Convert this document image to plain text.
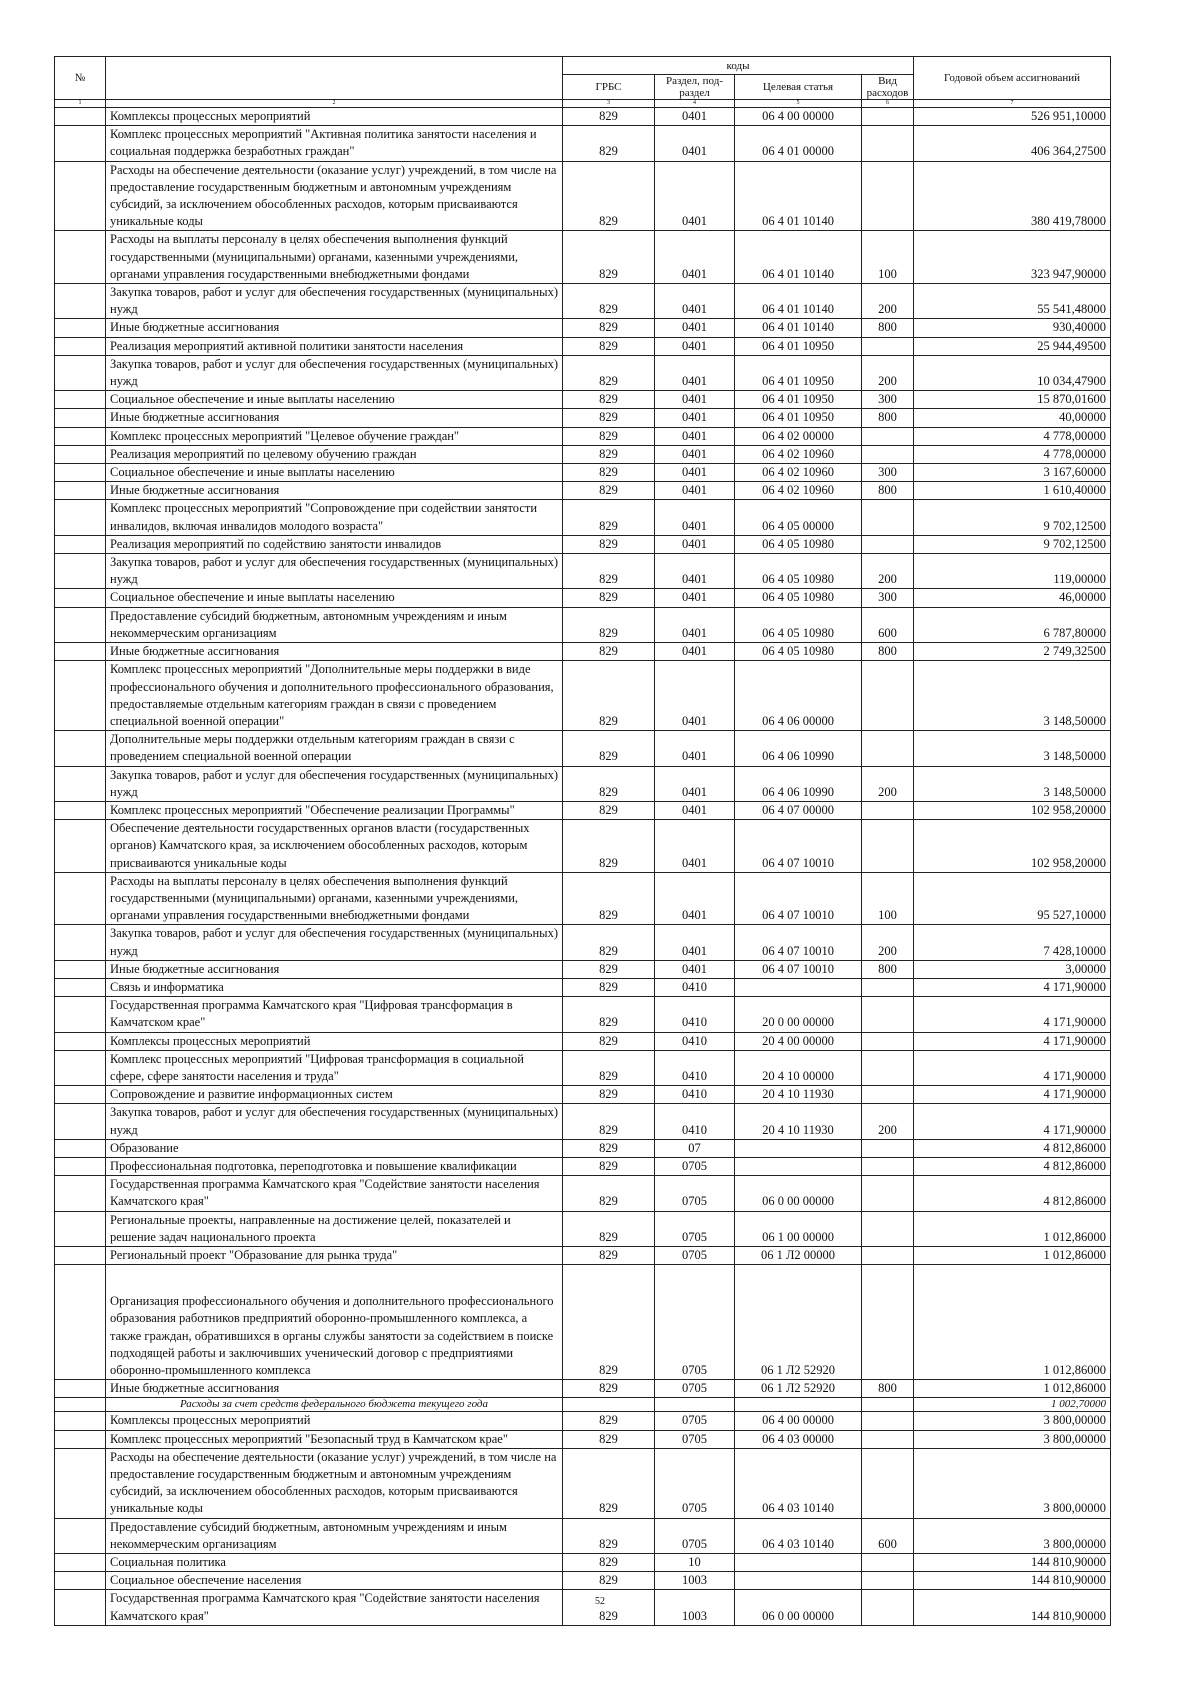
№		коды				Годовой объем ассигнований
		ГРБС	Раздел, под-раздел	Целевая статья	Вид расходов	
1	2	3	4	5	6	7
	Комплексы процессных мероприятий	829	0401	06 4 00 00000		526 951,10000
	Комплекс процессных мероприятий "Активная политика занятости населения и социальная поддержка безработных граждан"	829	0401	06 4 01 00000		406 364,27500
	Расходы на обеспечение деятельности (оказание услуг) учреждений, в том числе на предоставление государственным бюджетным и автономным учреждениям субсидий, за исключением обособленных расходов, которым присваиваются уникальные коды	829	0401	06 4 01 10140		380 419,78000
	Расходы на выплаты персоналу в целях обеспечения выполнения функций государственными (муниципальными) органами, казенными учреждениями, органами управления государственными внебюджетными фондами	829	0401	06 4 01 10140	100	323 947,90000
	Закупка товаров, работ и услуг для обеспечения государственных (муниципальных) нужд	829	0401	06 4 01 10140	200	55 541,48000
	Иные бюджетные ассигнования	829	0401	06 4 01 10140	800	930,40000
	Реализация мероприятий активной политики занятости населения	829	0401	06 4 01 10950		25 944,49500
	Закупка товаров, работ и услуг для обеспечения государственных (муниципальных) нужд	829	0401	06 4 01 10950	200	10 034,47900
	Социальное обеспечение и иные выплаты населению	829	0401	06 4 01 10950	300	15 870,01600
	Иные бюджетные ассигнования	829	0401	06 4 01 10950	800	40,00000
	Комплекс процессных мероприятий "Целевое обучение граждан"	829	0401	06 4 02 00000		4 778,00000
	Реализация мероприятий по целевому обучению граждан	829	0401	06 4 02 10960		4 778,00000
	Социальное обеспечение и иные выплаты населению	829	0401	06 4 02 10960	300	3 167,60000
	Иные бюджетные ассигнования	829	0401	06 4 02 10960	800	1 610,40000
	Комплекс процессных мероприятий "Сопровождение при содействии занятости инвалидов, включая инвалидов молодого возраста"	829	0401	06 4 05 00000		9 702,12500
	Реализация мероприятий по содействию занятости инвалидов	829	0401	06 4 05 10980		9 702,12500
	Закупка товаров, работ и услуг для обеспечения государственных (муниципальных) нужд	829	0401	06 4 05 10980	200	119,00000
	Социальное обеспечение и иные выплаты населению	829	0401	06 4 05 10980	300	46,00000
	Предоставление субсидий бюджетным, автономным учреждениям и иным некоммерческим организациям	829	0401	06 4 05 10980	600	6 787,80000
	Иные бюджетные ассигнования	829	0401	06 4 05 10980	800	2 749,32500
	Комплекс процессных мероприятий "Дополнительные меры поддержки в виде профессионального обучения и дополнительного профессионального образования, предоставляемые отдельным категориям граждан в связи с проведением специальной военной операции"	829	0401	06 4 06 00000		3 148,50000
	Дополнительные меры поддержки отдельным категориям граждан в связи с проведением специальной военной операции	829	0401	06 4 06 10990		3 148,50000
	Закупка товаров, работ и услуг для обеспечения государственных (муниципальных) нужд	829	0401	06 4 06 10990	200	3 148,50000
	Комплекс процессных мероприятий "Обеспечение реализации Программы"	829	0401	06 4 07 00000		102 958,20000
	Обеспечение деятельности государственных органов власти (государственных органов) Камчатского края, за исключением обособленных расходов, которым присваиваются уникальные коды	829	0401	06 4 07 10010		102 958,20000
	Расходы на выплаты персоналу в целях обеспечения выполнения функций государственными (муниципальными) органами, казенными учреждениями, органами управления государственными внебюджетными фондами	829	0401	06 4 07 10010	100	95 527,10000
	Закупка товаров, работ и услуг для обеспечения государственных (муниципальных) нужд	829	0401	06 4 07 10010	200	7 428,10000
	Иные бюджетные ассигнования	829	0401	06 4 07 10010	800	3,00000
	Связь и информатика	829	0410			4 171,90000
	Государственная программа Камчатского края "Цифровая трансформация в Камчатском крае"	829	0410	20 0 00 00000		4 171,90000
	Комплексы процессных мероприятий	829	0410	20 4 00 00000		4 171,90000
	Комплекс процессных мероприятий "Цифровая трансформация в социальной сфере, сфере занятости населения и труда"	829	0410	20 4 10 00000		4 171,90000
	Сопровождение и развитие информационных систем	829	0410	20 4 10 11930		4 171,90000
	Закупка товаров, работ и услуг для обеспечения государственных (муниципальных) нужд	829	0410	20 4 10 11930	200	4 171,90000
	Образование	829	07			4 812,86000
	Профессиональная подготовка, переподготовка и повышение квалификации	829	0705			4 812,86000
	Государственная программа Камчатского края "Содействие занятости населения Камчатского края"	829	0705	06 0 00 00000		4 812,86000
	Региональные проекты, направленные на достижение целей, показателей и решение задач национального проекта	829	0705	06 1 00 00000		1 012,86000
	Региональный проект "Образование для рынка труда"	829	0705	06 1 Л2 00000		1 012,86000
	Организация профессионального обучения и дополнительного профессионального образования работников предприятий оборонно-промышленного комплекса, а также граждан, обратившихся в органы службы занятости за содействием в поиске подходящей работы и заключивших ученический договор с предприятиями оборонно-промышленного комплекса	829	0705	06 1 Л2 52920		1 012,86000
	Иные бюджетные ассигнования	829	0705	06 1 Л2 52920	800	1 012,86000
	Расходы за счет средств федерального бюджета текущего года					1 002,70000
	Комплексы процессных мероприятий	829	0705	06 4 00 00000		3 800,00000
	Комплекс процессных мероприятий "Безопасный труд в Камчатском крае"	829	0705	06 4 03 00000		3 800,00000
	Расходы на обеспечение деятельности (оказание услуг) учреждений, в том числе на предоставление государственным бюджетным и автономным учреждениям субсидий, за исключением обособленных расходов, которым присваиваются уникальные коды	829	0705	06 4 03 10140		3 800,00000
	Предоставление субсидий бюджетным, автономным учреждениям и иным некоммерческим организациям	829	0705	06 4 03 10140	600	3 800,00000
	Социальная политика	829	10			144 810,90000
	Социальное обеспечение населения	829	1003			144 810,90000
	Государственная программа Камчатского края "Содействие занятости населения Камчатского края"	829	1003	06 0 00 00000		144 810,90000
52
